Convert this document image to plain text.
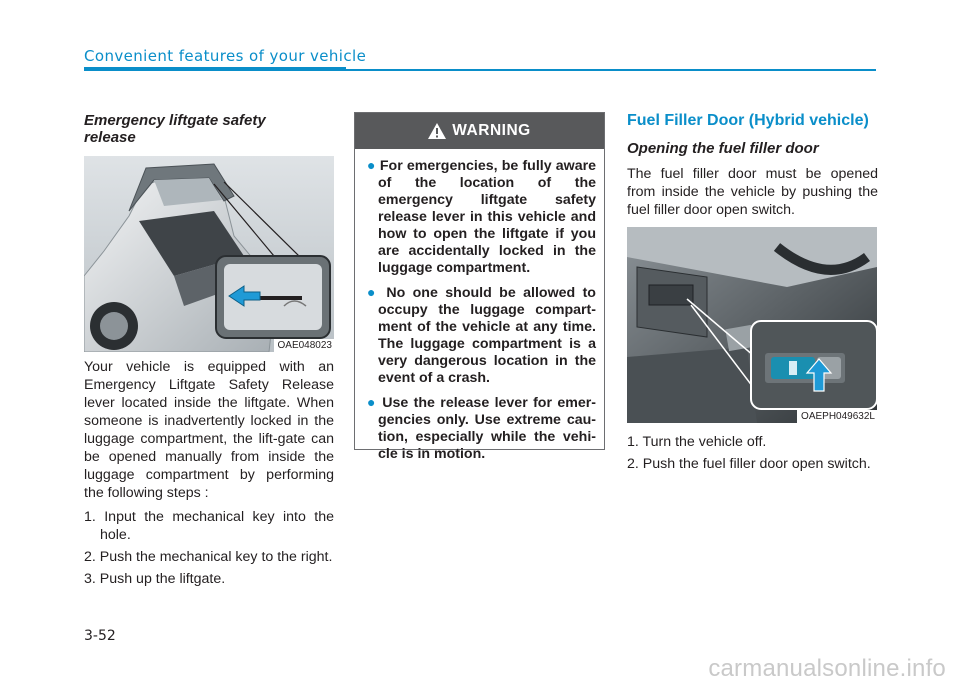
Convenient features of your vehicle

Emergency liftgate safety
release

OAE048023

Your vehicle is equipped with an Emergency Liftgate Safety Release lever located inside the liftgate. When someone is inadvertently locked in the luggage compartment, the lift-gate can be opened manually from inside the luggage compartment by performing the following steps :

1. Input the mechanical key into the hole.
2. Push the mechanical key to the right.
3. Push up the liftgate.
WARNING
● For emergencies, be fully aware of the location of the emergency liftgate safety release lever in this vehicle and how to open the liftgate if you are accidentally locked in the luggage compartment.
● No one should be allowed to occupy the luggage compart-ment of the vehicle at any time. The luggage compartment is a very dangerous location in the event of a crash.
● Use the release lever for emer-gencies only. Use extreme cau-tion, especially while the vehi-cle is in motion.

Fuel Filler Door (Hybrid vehicle)

Opening the fuel filler door

The fuel filler door must be opened from inside the vehicle by pushing the fuel filler door open switch.

OAEPH049632L
1. Turn the vehicle off.
2. Push the fuel filler door open switch.
3-52
carmanualsonline.info
